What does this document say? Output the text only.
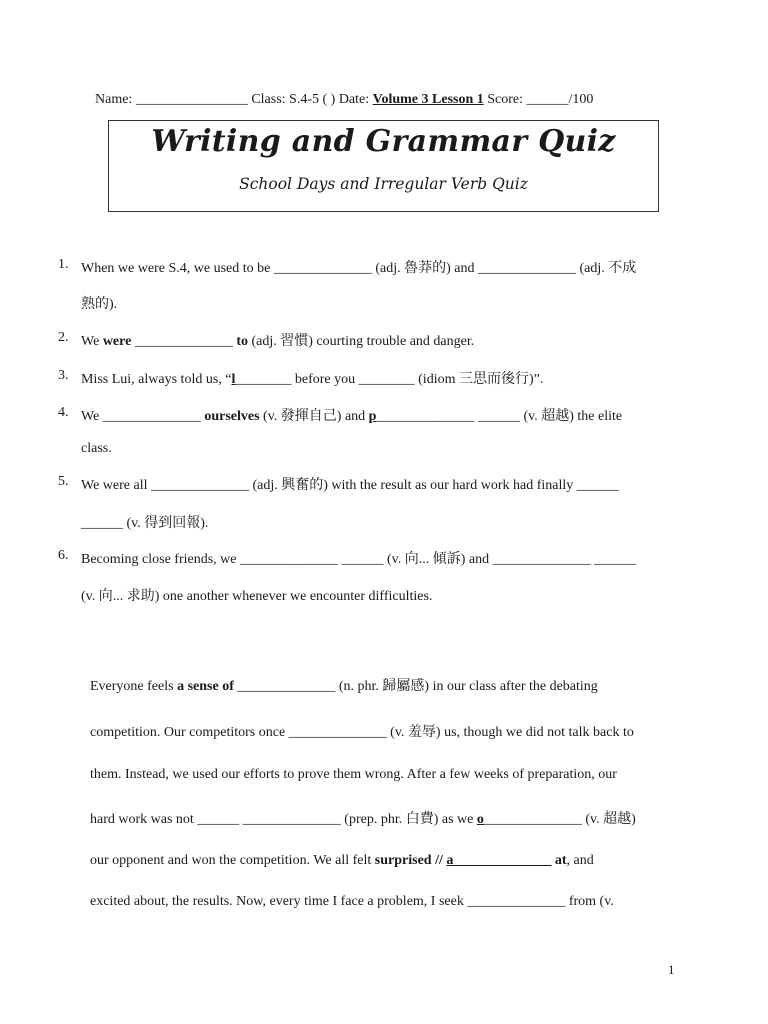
Name: ________________ Class: S.4-5 ( ) Date: Volume 3 Lesson 1 Score: ______/100
Writing and Grammar Quiz
School Days and Irregular Verb Quiz
1. When we were S.4, we used to be ______________ (adj. 魯莽的) and ______________ (adj. 不成
熟的).
2. We were ______________ to (adj. 習慣) courting trouble and danger.
3. Miss Lui, always told us, “l________ before you ________ (idiom 三思而後行)”.
4. We ______________ ourselves (v. 發揮自己) and p______________ ______ (v. 超越) the elite
class.
5. We were all ______________ (adj. 興奮的) with the result as our hard work had finally ______
______ (v. 得到回報).
6. Becoming close friends, we ______________ ______ (v. 向... 傾訴) and ______________ ______
(v. 向... 求助) one another whenever we encounter difficulties.
Everyone feels a sense of ______________ (n. phr. 歸屬感) in our class after the debating
competition. Our competitors once ______________ (v. 羞辱) us, though we did not talk back to
them. Instead, we used our efforts to prove them wrong. After a few weeks of preparation, our
hard work was not ______ ______________ (prep. phr. 白費) as we o______________ (v. 超越)
our opponent and won the competition. We all felt surprised // a______________ at, and
excited about, the results. Now, every time I face a problem, I seek ______________ from (v.
1
